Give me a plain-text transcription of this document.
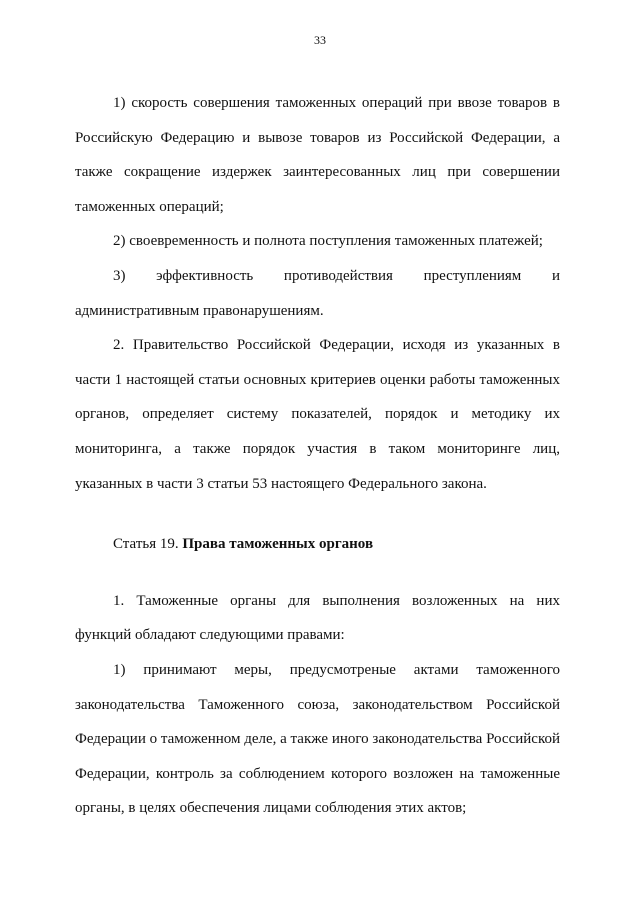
33

1) скорость совершения таможенных операций при ввозе товаров в Российскую Федерацию и вывозе товаров из Российской Федерации, а также сокращение издержек заинтересованных лиц при совершении таможенных операций;

2) своевременность и полнота поступления таможенных платежей;

3) эффективность противодействия преступлениям и административным правонарушениям.

2. Правительство Российской Федерации, исходя из указанных в части 1 настоящей статьи основных критериев оценки работы таможенных органов, определяет систему показателей, порядок и методику их мониторинга, а также порядок участия в таком мониторинге лиц, указанных в части 3 статьи 53 настоящего Федерального закона.

Статья 19. Права таможенных органов

1. Таможенные органы для выполнения возложенных на них функций обладают следующими правами:

1) принимают меры, предусмотреные актами таможенного законодательства Таможенного союза, законодательством Российской Федерации о таможенном деле, а также иного законодательства Российской Федерации, контроль за соблюдением которого возложен на таможенные органы, в целях обеспечения лицами соблюдения этих актов;
